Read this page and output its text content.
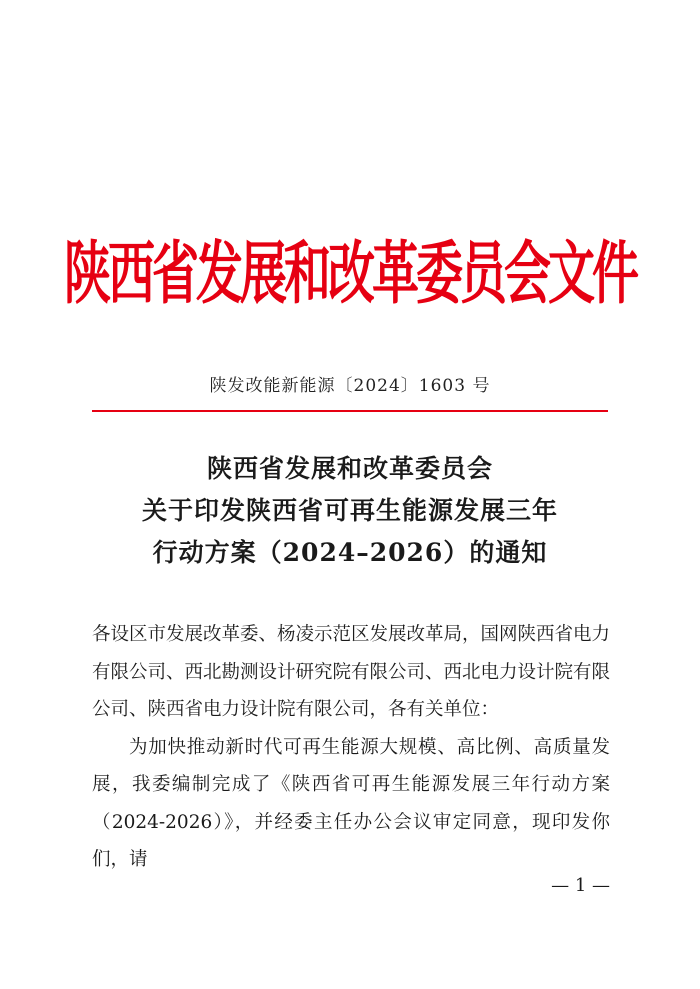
陕西省发展和改革委员会文件
陕发改能新能源〔2024〕1603 号
陕西省发展和改革委员会
关于印发陕西省可再生能源发展三年
行动方案（2024–2026）的通知

各设区市发展改革委、杨凌示范区发展改革局，国网陕西省电力有限公司、西北勘测设计研究院有限公司、西北电力设计院有限公司、陕西省电力设计院有限公司，各有关单位：

为加快推动新时代可再生能源大规模、高比例、高质量发展，我委编制完成了《陕西省可再生能源发展三年行动方案（2024-2026）》，并经委主任办公会议审定同意，现印发你们，请

— 1 —
